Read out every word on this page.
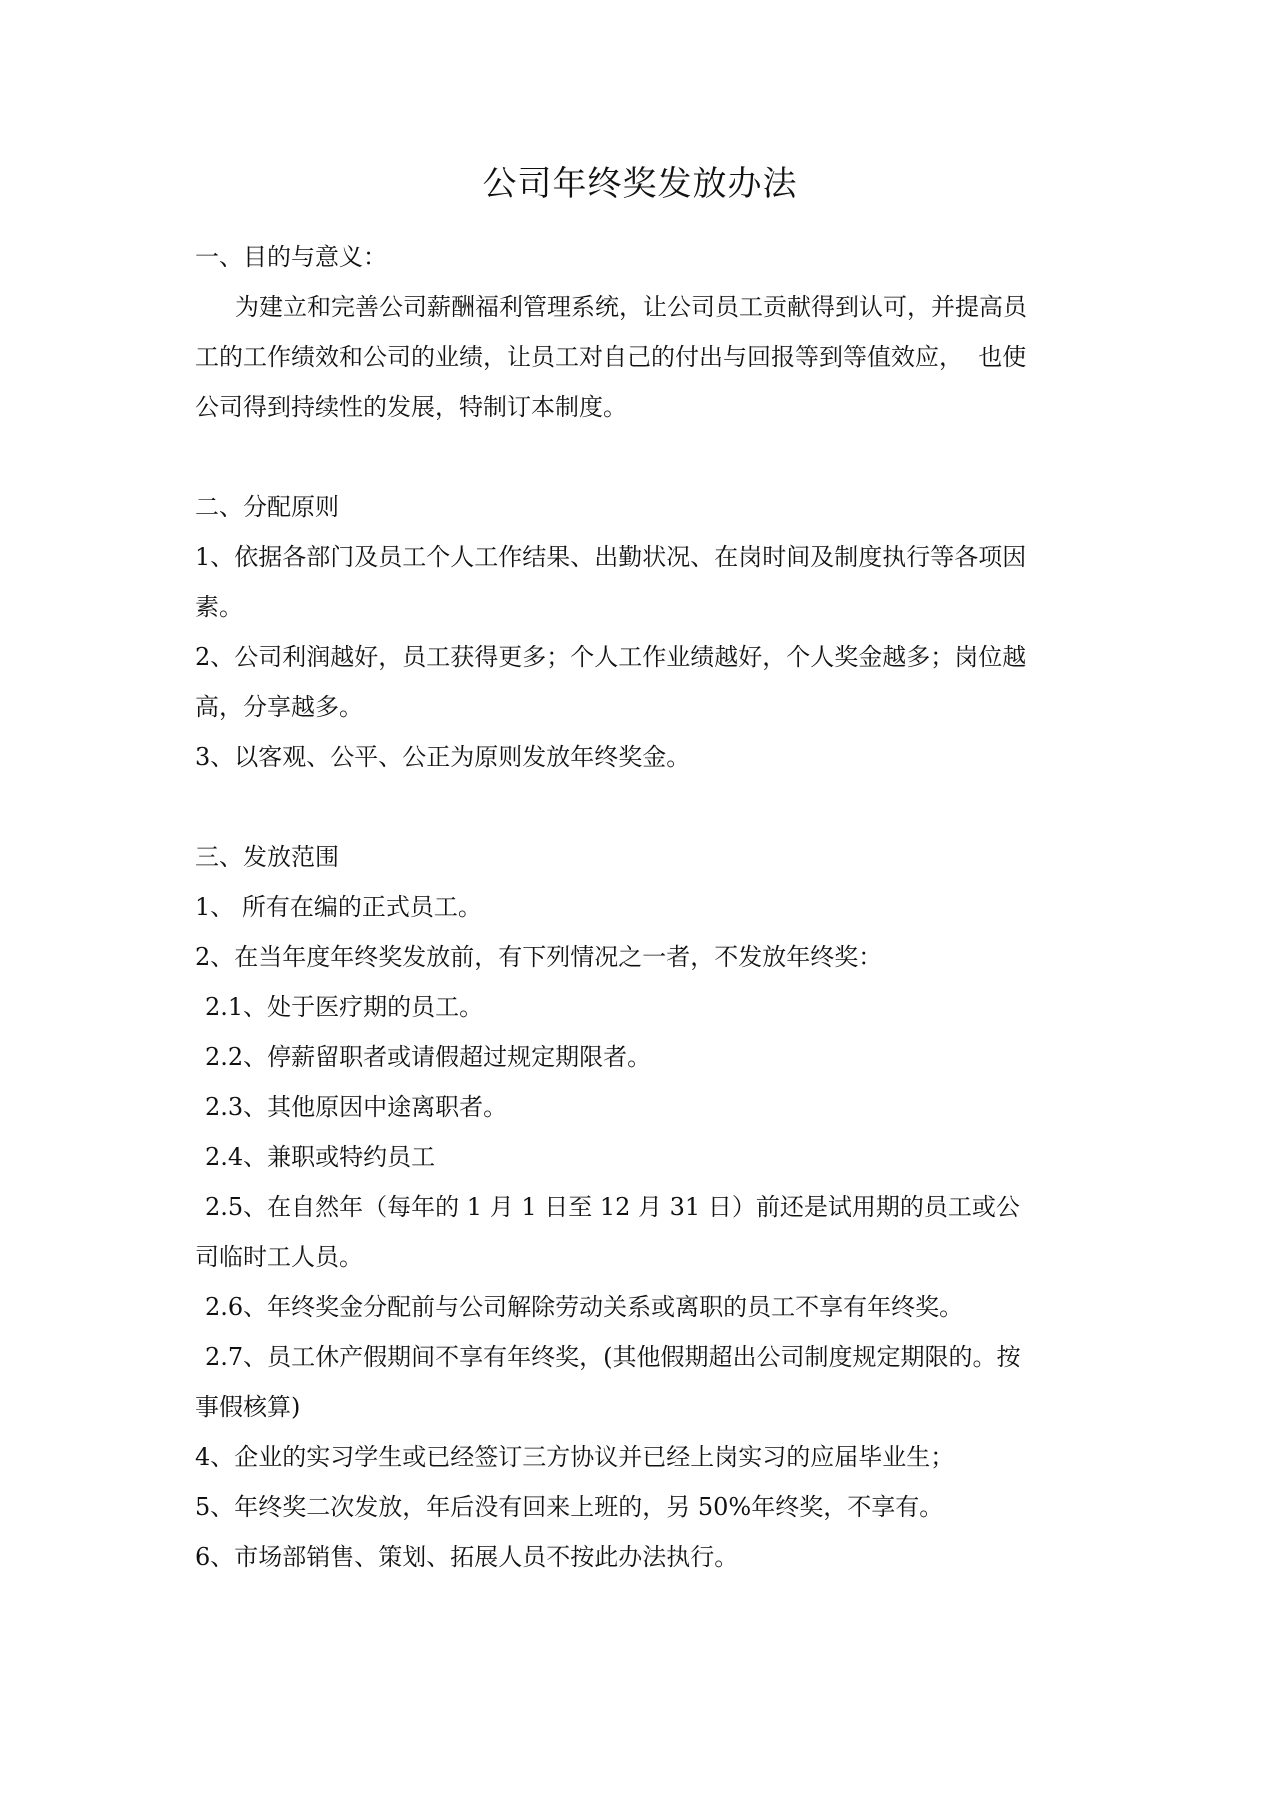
公司年终奖发放办法

一、目的与意义：

为建立和完善公司薪酬福利管理系统，让公司员工贡献得到认可，并提高员

工的工作绩效和公司的业绩，让员工对自己的付出与回报等到等值效应，  也使

公司得到持续性的发展，特制订本制度。

二、分配原则

1、依据各部门及员工个人工作结果、出勤状况、在岗时间及制度执行等各项因

素。

2、公司利润越好，员工获得更多；个人工作业绩越好，个人奖金越多；岗位越

高，分享越多。

3、以客观、公平、公正为原则发放年终奖金。

三、发放范围

1、 所有在编的正式员工。

2、在当年度年终奖发放前，有下列情况之一者，不发放年终奖：

2.1、处于医疗期的员工。

2.2、停薪留职者或请假超过规定期限者。

2.3、其他原因中途离职者。

2.4、兼职或特约员工

2.5、在自然年（每年的 1 月 1 日至 12 月 31 日）前还是试用期的员工或公

司临时工人员。

2.6、年终奖金分配前与公司解除劳动关系或离职的员工不享有年终奖。

2.7、员工休产假期间不享有年终奖，(其他假期超出公司制度规定期限的。按

事假核算)

4、企业的实习学生或已经签订三方协议并已经上岗实习的应届毕业生；

5、年终奖二次发放，年后没有回来上班的，另 50%年终奖，不享有。

6、市场部销售、策划、拓展人员不按此办法执行。
